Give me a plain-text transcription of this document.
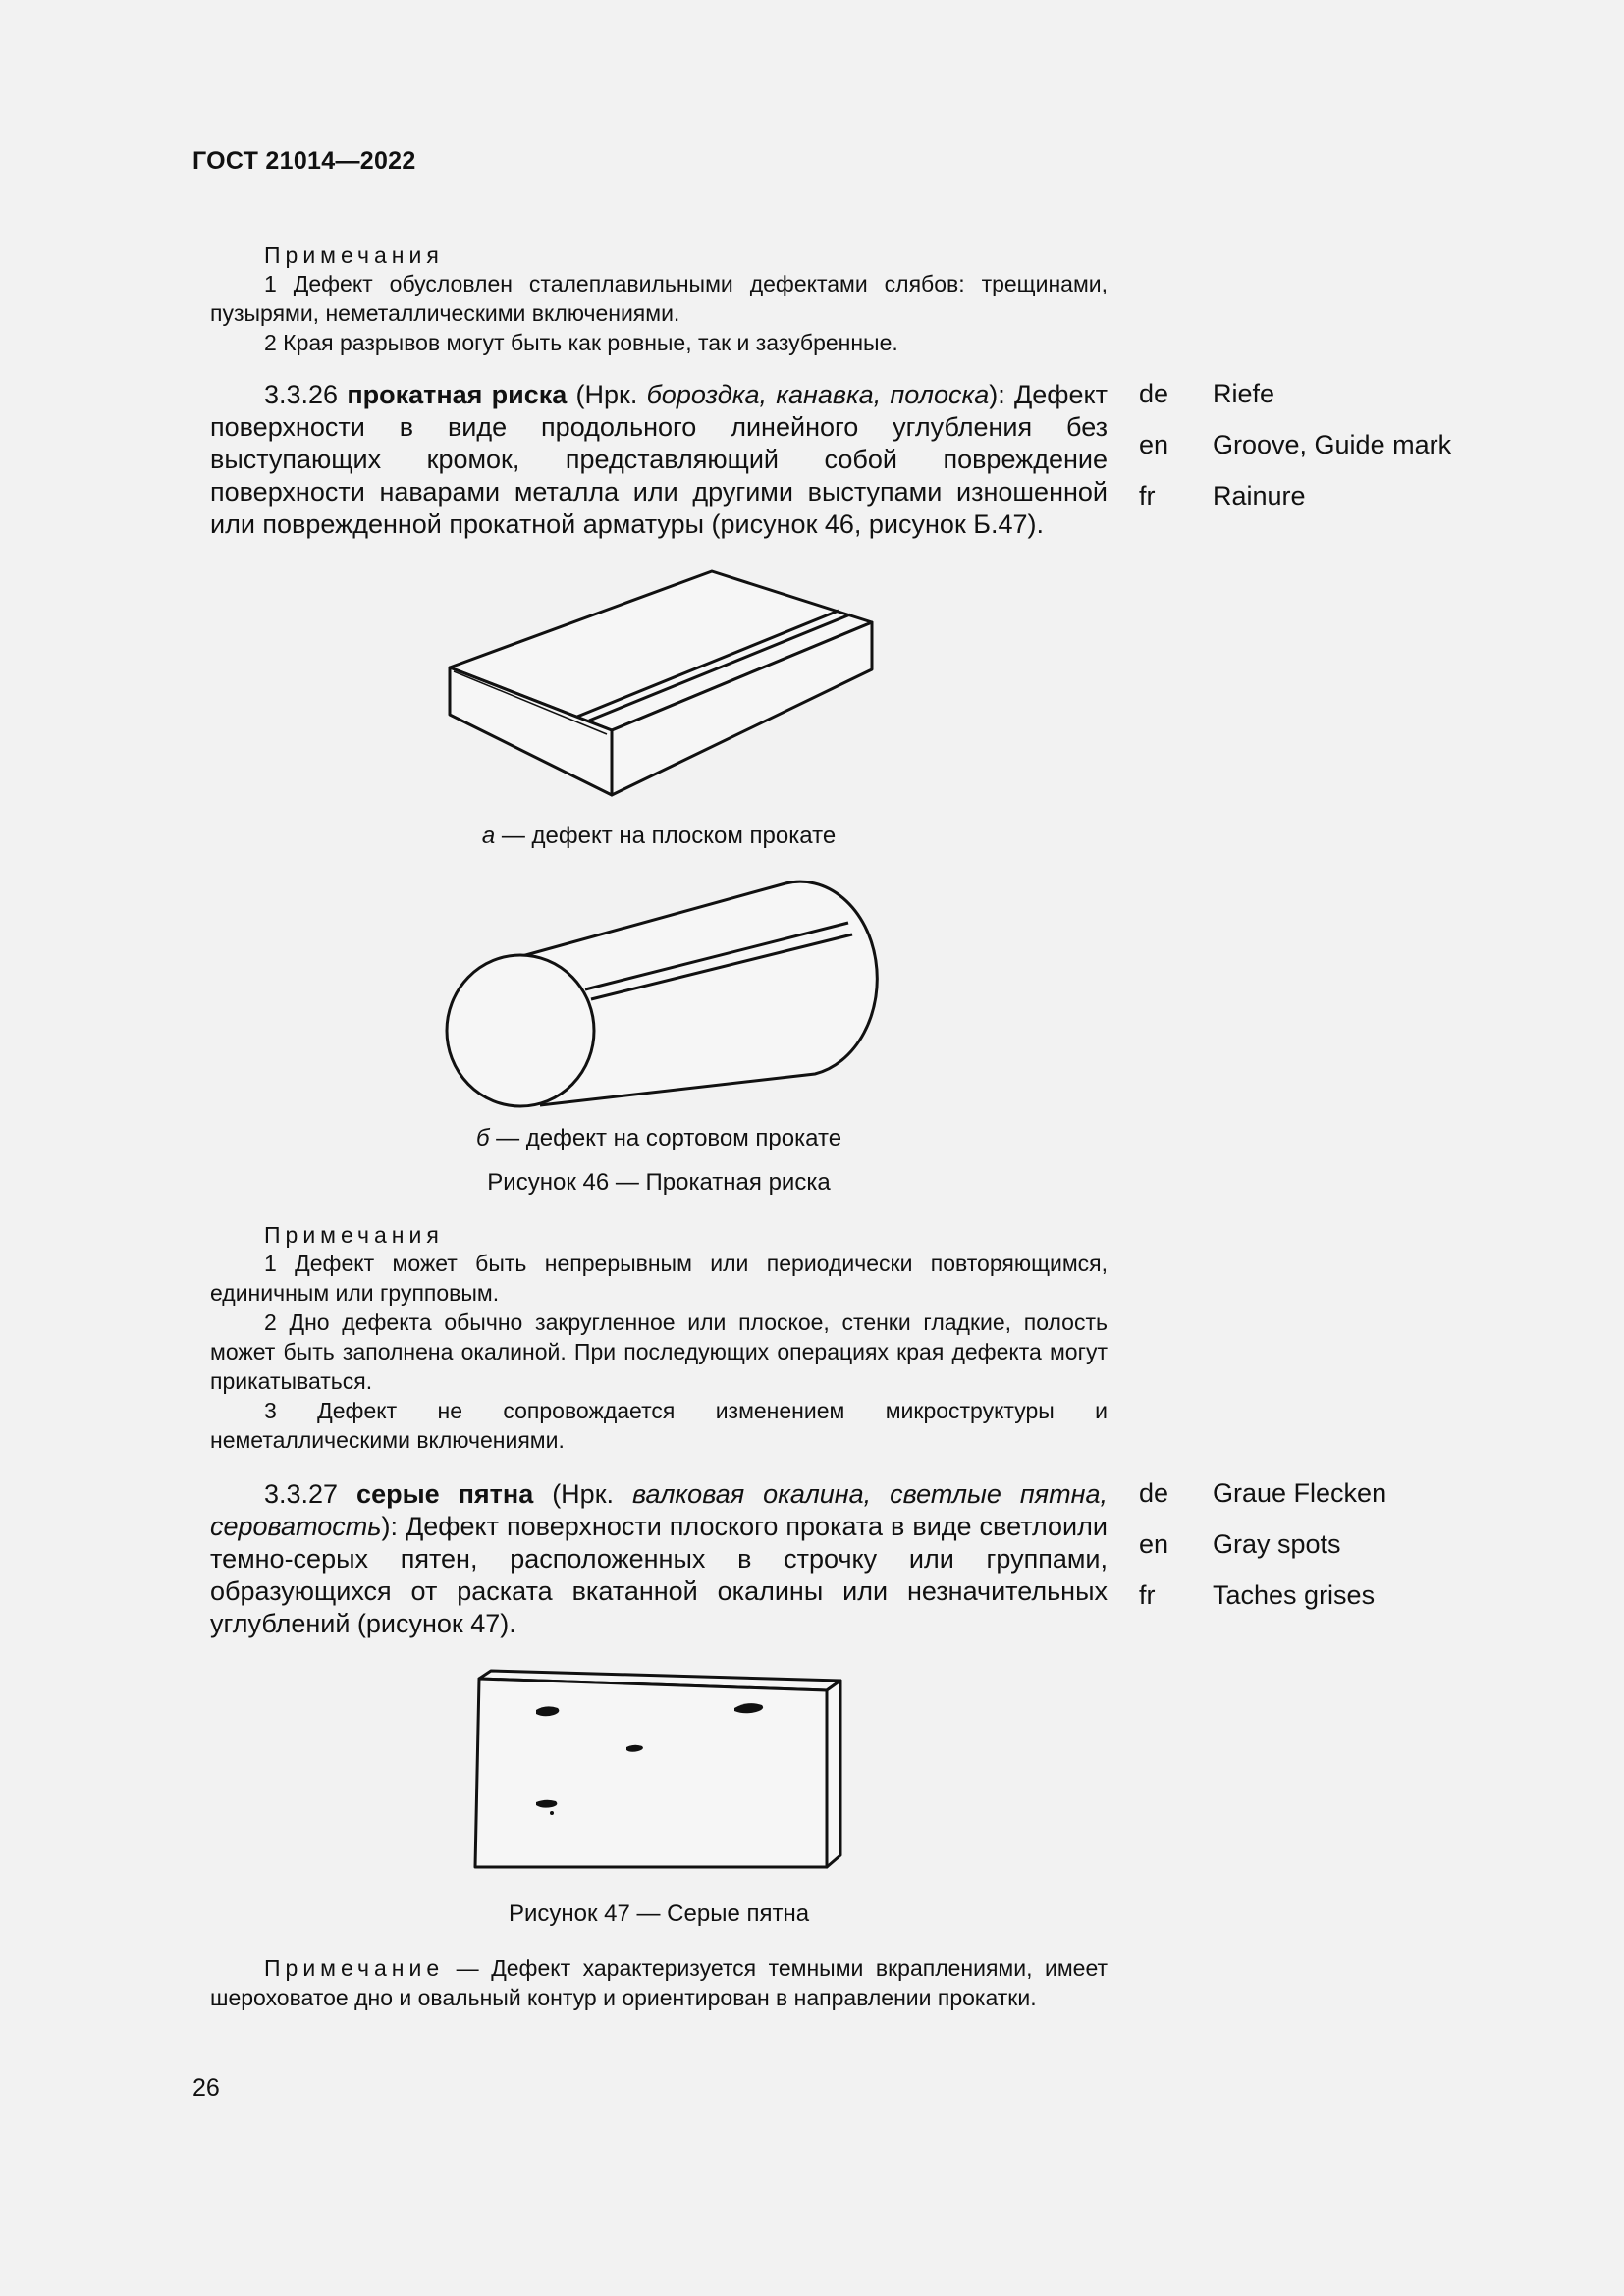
ГОСТ 21014—2022
Примечания
1 Дефект обусловлен сталеплавильными дефектами слябов: трещинами, пузырями, неметаллическими включениями.
2 Края разрывов могут быть как ровные, так и зазубренные.
3.3.26 прокатная риска (Нрк. бороздка, канавка, полоска): Дефект поверхности в виде продольного линейного углубления без выступающих кромок, представляющий собой повреждение поверхности наварами металла или другими выступами изношенной или поврежденной прокатной арматуры (рисунок 46, рисунок Б.47).
de Riefe
en Groove, Guide mark
fr Rainure
а — дефект на плоском прокате
б — дефект на сортовом прокате
Рисунок 46 — Прокатная риска
Примечания
1 Дефект может быть непрерывным или периодически повторяющимся, единичным или групповым.
2 Дно дефекта обычно закругленное или плоское, стенки гладкие, полость может быть заполнена окалиной. При последующих операциях края дефекта могут прикатываться.
3 Дефект не сопровождается изменением микроструктуры и неметаллическими включениями.
3.3.27 серые пятна (Нрк. валковая окалина, светлые пятна, сероватость): Дефект поверхности плоского проката в виде светлоили темно-серых пятен, расположенных в строчку или группами, образующихся от раската вкатанной окалины или незначительных углублений (рисунок 47).
de Graue Flecken
en Gray spots
fr Taches grises
Рисунок 47 — Серые пятна
Примечание — Дефект характеризуется темными вкраплениями, имеет шероховатое дно и овальный контур и ориентирован в направлении прокатки.
26
